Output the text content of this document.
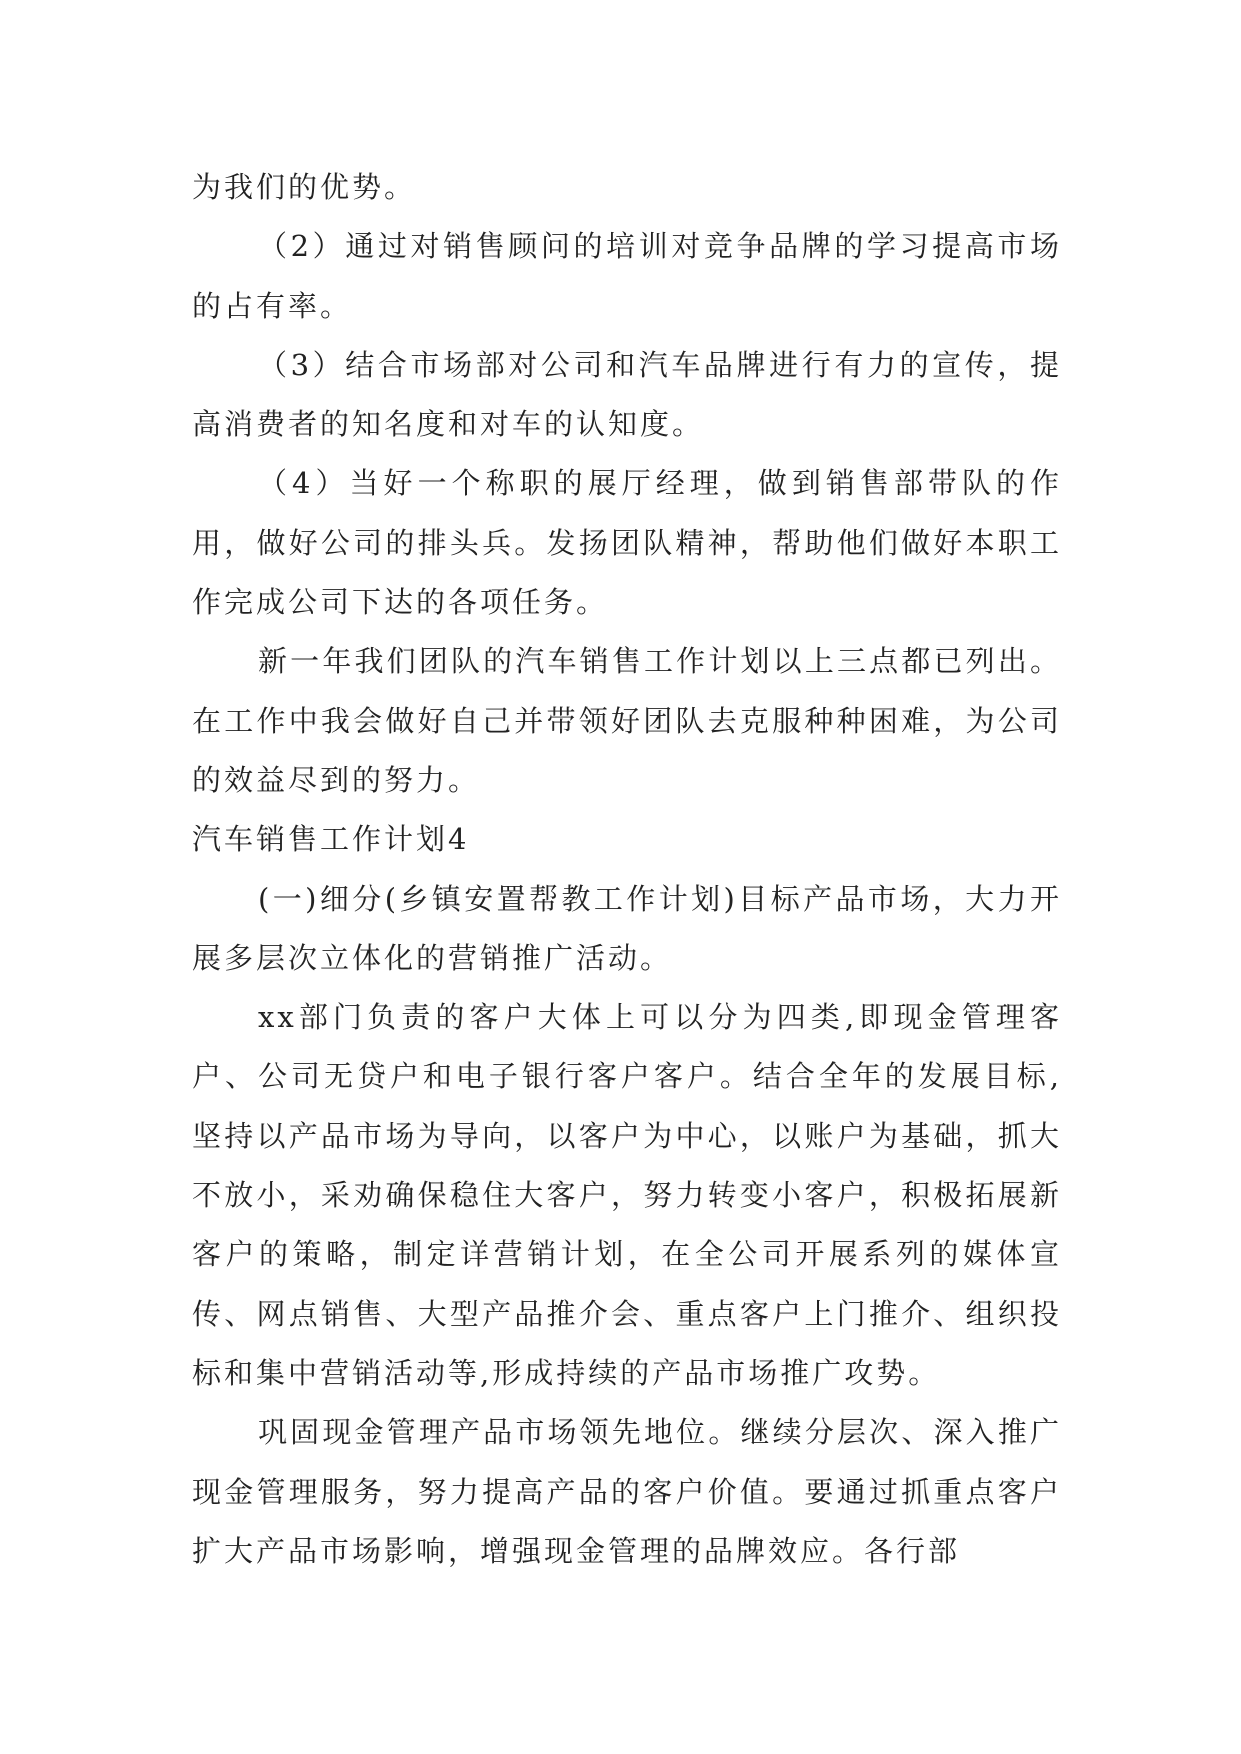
为我们的优势。

（2）通过对销售顾问的培训对竞争品牌的学习提高市场的占有率。

（3）结合市场部对公司和汽车品牌进行有力的宣传，提高消费者的知名度和对车的认知度。

（4）当好一个称职的展厅经理，做到销售部带队的作用，做好公司的排头兵。发扬团队精神，帮助他们做好本职工作完成公司下达的各项任务。

新一年我们团队的汽车销售工作计划以上三点都已列出。在工作中我会做好自己并带领好团队去克服种种困难，为公司的效益尽到的努力。

汽车销售工作计划4

(一)细分(乡镇安置帮教工作计划)目标产品市场，大力开展多层次立体化的营销推广活动。

xx部门负责的客户大体上可以分为四类,即现金管理客户、公司无贷户和电子银行客户客户。结合全年的发展目标,坚持以产品市场为导向，以客户为中心，以账户为基础，抓大不放小，采劝确保稳住大客户，努力转变小客户，积极拓展新客户的策略，制定详营销计划，在全公司开展系列的媒体宣传、网点销售、大型产品推介会、重点客户上门推介、组织投标和集中营销活动等,形成持续的产品市场推广攻势。

巩固现金管理产品市场领先地位。继续分层次、深入推广现金管理服务，努力提高产品的客户价值。要通过抓重点客户扩大产品市场影响，增强现金管理的品牌效应。各行部
